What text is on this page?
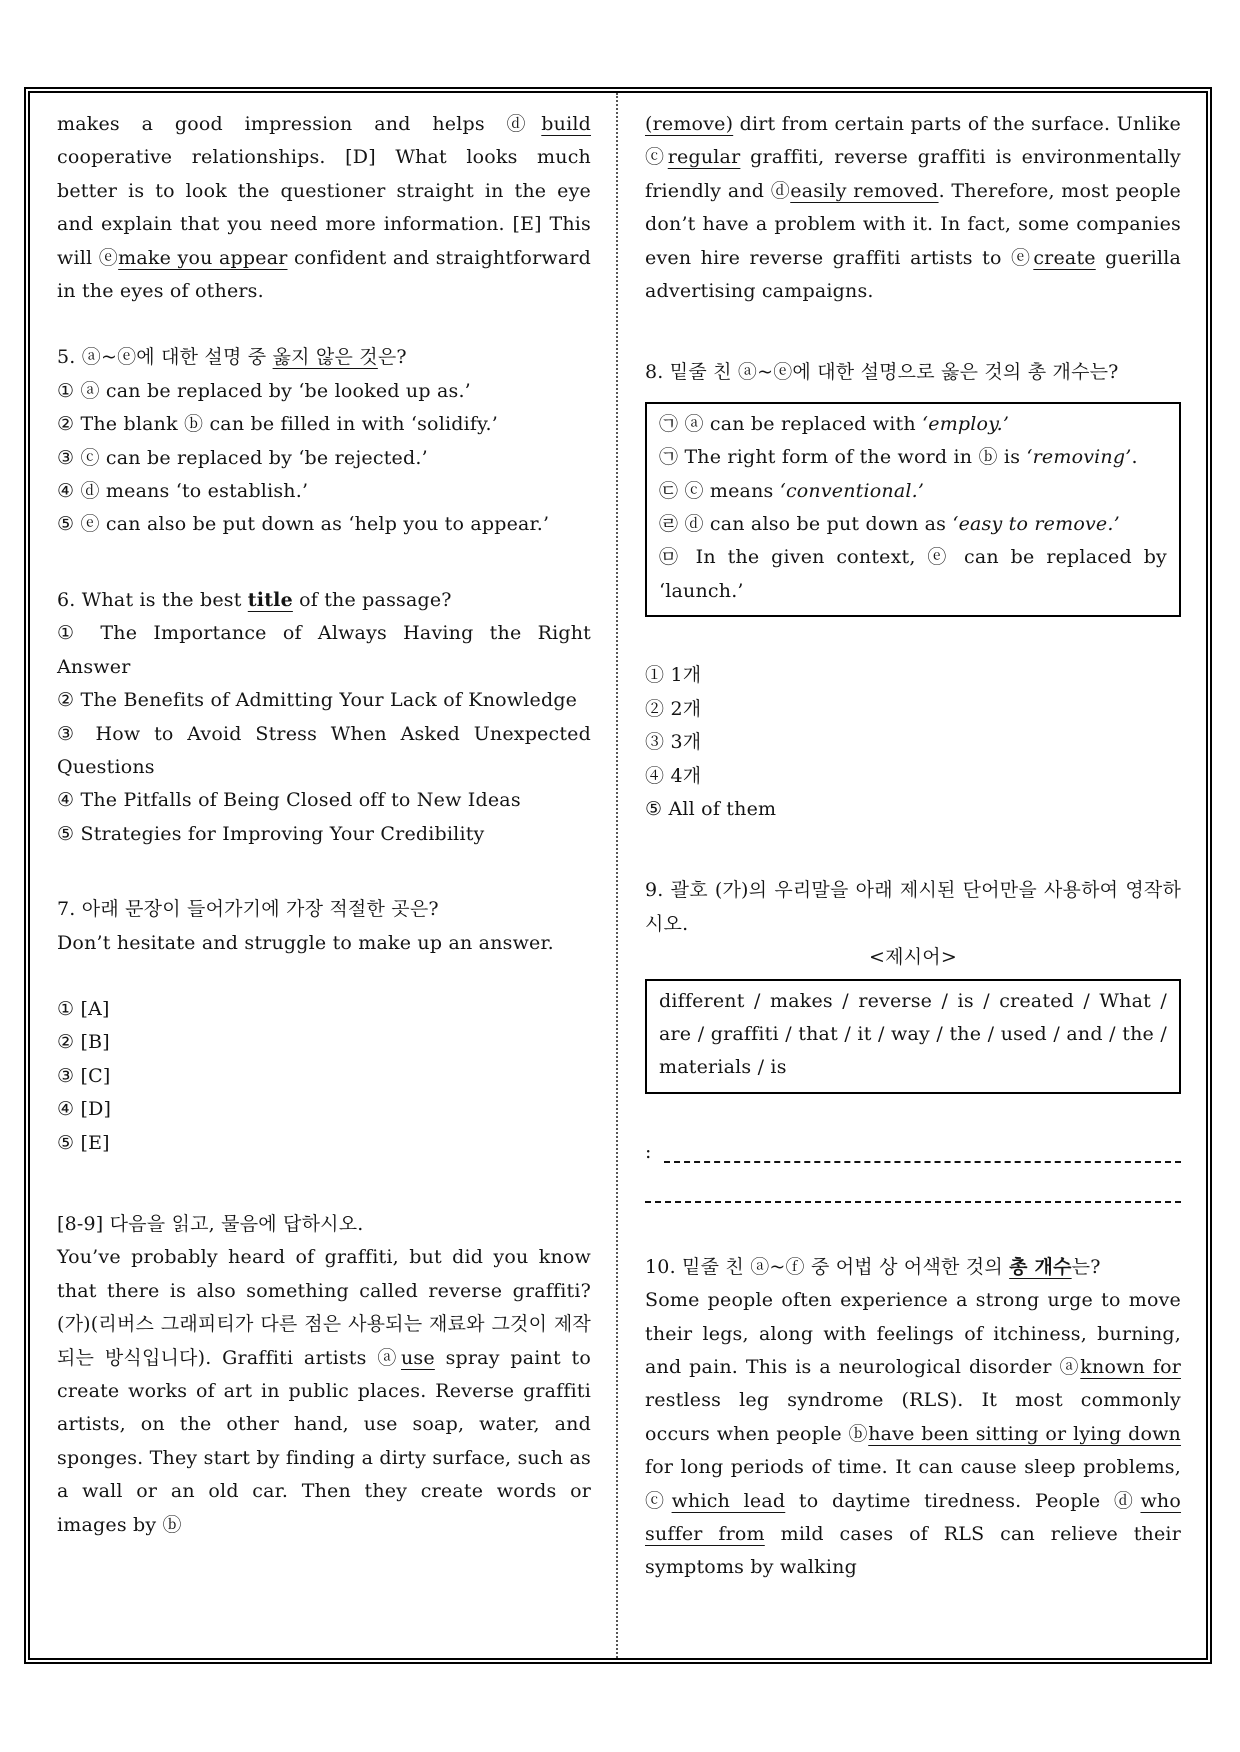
makes a good impression and helps ⓓbuild cooperative relationships. [D] What looks much better is to look the questioner straight in the eye and explain that you need more information. [E] This will ⓔmake you appear confident and straightforward in the eyes of others.

5. ⓐ~ⓔ에 대한 설명 중 옳지 않은 것은?

① ⓐ can be replaced by ‘be looked up as.’

② The blank ⓑ can be filled in with ‘solidify.’

③ ⓒ can be replaced by ‘be rejected.’

④ ⓓ means ‘to establish.’

⑤ ⓔ can also be put down as ‘help you to appear.’

6. What is the best title of the passage?

① The Importance of Always Having the Right Answer

② The Benefits of Admitting Your Lack of Knowledge

③ How to Avoid Stress When Asked Unexpected Questions

④ The Pitfalls of Being Closed off to New Ideas

⑤ Strategies for Improving Your Credibility

7. 아래 문장이 들어가기에 가장 적절한 곳은?

Don’t hesitate and struggle to make up an answer.

① [A]

② [B]

③ [C]

④ [D]

⑤ [E]

[8-9] 다음을 읽고, 물음에 답하시오.

You’ve probably heard of graffiti, but did you know that there is also something called reverse graffiti? (가)(리버스 그래피티가 다른 점은 사용되는 재료와 그것이 제작되는 방식입니다). Graffiti artists ⓐuse spray paint to create works of art in public places. Reverse graffiti artists, on the other hand, use soap, water, and sponges. They start by finding a dirty surface, such as a wall or an old car. Then they create words or images by ⓑ

(remove) dirt from certain parts of the surface. Unlike ⓒregular graffiti, reverse graffiti is environmentally friendly and ⓓeasily removed. Therefore, most people don’t have a problem with it. In fact, some companies even hire reverse graffiti artists to ⓔcreate guerilla advertising campaigns.

8. 밑줄 친 ⓐ~ⓔ에 대한 설명으로 옳은 것의 총 개수는?

㉠ ⓐ can be replaced with ‘employ.’

㉠ The right form of the word in ⓑ is ‘removing’.

㉢ ⓒ means ‘conventional.’

㉣ ⓓ can also be put down as ‘easy to remove.’

㉤ In the given context, ⓔ can be replaced by ‘launch.’

① 1개

② 2개

③ 3개

④ 4개

⑤ All of them

9. 괄호 (가)의 우리말을 아래 제시된 단어만을 사용하여 영작하시오.

<제시어>

different / makes / reverse / is / created / What / are / graffiti / that / it / way / the / used / and / the / materials / is

:

10. 밑줄 친 ⓐ~ⓕ 중 어법 상 어색한 것의 총 개수는?

Some people often experience a strong urge to move their legs, along with feelings of itchiness, burning, and pain. This is a neurological disorder ⓐknown for restless leg syndrome (RLS). It most commonly occurs when people ⓑhave been sitting or lying down for long periods of time. It can cause sleep problems, ⓒwhich lead to daytime tiredness. People ⓓwho suffer from mild cases of RLS can relieve their symptoms by walking
